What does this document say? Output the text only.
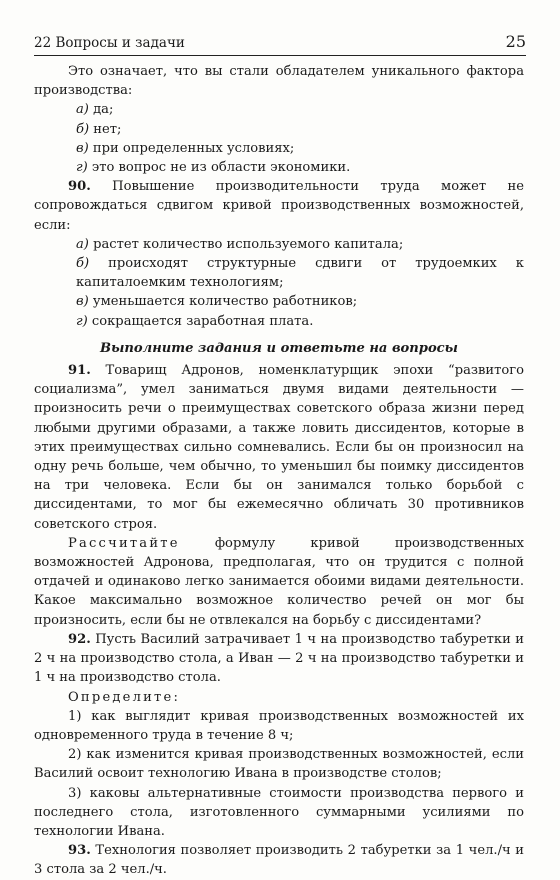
22 Вопросы и задачи	25

Это означает, что вы стали обладателем уникального фактора производства:

а) да;

б) нет;

в) при определенных условиях;

г) это вопрос не из области экономики.

90. Повышение производительности труда может не сопровождаться сдвигом кривой производственных возможностей, если:

а) растет количество используемого капитала;

б) происходят структурные сдвиги от трудоемких к капиталоемким технологиям;

в) уменьшается количество работников;

г) сокращается заработная плата.

Выполните задания и ответьте на вопросы

91. Товарищ Адронов, номенклатурщик эпохи “развитого социализма”, умел заниматься двумя видами деятельности — произносить речи о преимуществах советского образа жизни перед любыми другими образами, а также ловить диссидентов, которые в этих преимуществах сильно сомневались. Если бы он произносил на одну речь больше, чем обычно, то уменьшил бы поимку диссидентов на три человека. Если бы он занимался только борьбой с диссидентами, то мог бы ежемесячно обличать 30 противников советского строя.

Рассчитайте формулу кривой производственных возможностей Адронова, предполагая, что он трудится с полной отдачей и одинаково легко занимается обоими видами деятельности. Какое максимально возможное количество речей он мог бы произносить, если бы не отвлекался на борьбу с диссидентами?

92. Пусть Василий затрачивает 1 ч на производство табуретки и 2 ч на производство стола, а Иван — 2 ч на производство табуретки и 1 ч на производство стола.

Определите:

1) как выглядит кривая производственных возможностей их одновременного труда в течение 8 ч;

2) как изменится кривая производственных возможностей, если Василий освоит технологию Ивана в производстве столов;

3) каковы альтернативные стоимости производства первого и последнего стола, изготовленного суммарными усилиями по технологии Ивана.

93. Технология позволяет производить 2 табуретки за 1 чел./ч и 3 стола за 2 чел./ч.
